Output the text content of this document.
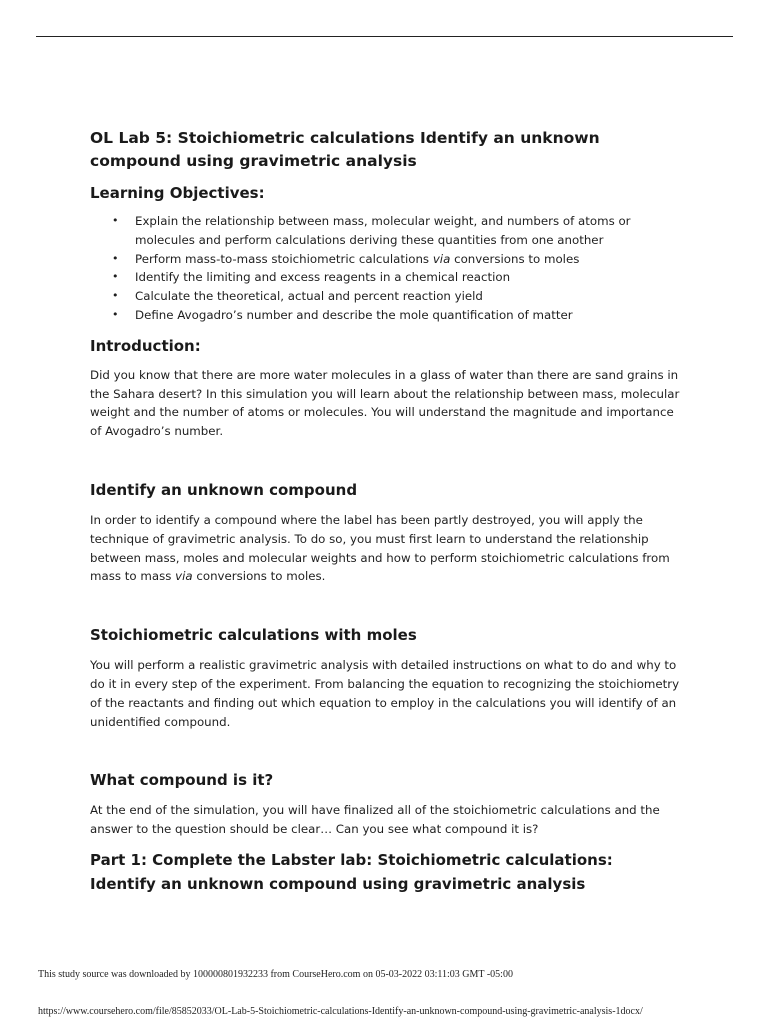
OL Lab 5: Stoichiometric calculations Identify an unknown compound using gravimetric analysis
Learning Objectives:
• Explain the relationship between mass, molecular weight, and numbers of atoms or molecules and perform calculations deriving these quantities from one another
• Perform mass-to-mass stoichiometric calculations via conversions to moles
• Identify the limiting and excess reagents in a chemical reaction
• Calculate the theoretical, actual and percent reaction yield
• Define Avogadro’s number and describe the mole quantification of matter
Introduction:

Did you know that there are more water molecules in a glass of water than there are sand grains in the Sahara desert? In this simulation you will learn about the relationship between mass, molecular weight and the number of atoms or molecules. You will understand the magnitude and importance of Avogadro’s number.

Identify an unknown compound

In order to identify a compound where the label has been partly destroyed, you will apply the technique of gravimetric analysis. To do so, you must first learn to understand the relationship between mass, moles and molecular weights and how to perform stoichiometric calculations from mass to mass via conversions to moles.

Stoichiometric calculations with moles

You will perform a realistic gravimetric analysis with detailed instructions on what to do and why to do it in every step of the experiment. From balancing the equation to recognizing the stoichiometry of the reactants and finding out which equation to employ in the calculations you will identify of an unidentified compound.

What compound is it?

At the end of the simulation, you will have finalized all of the stoichiometric calculations and the answer to the question should be clear… Can you see what compound it is?

Part 1: Complete the Labster lab: Stoichiometric calculations: Identify an unknown compound using gravimetric analysis
This study source was downloaded by 100000801932233 from CourseHero.com on 05-03-2022 03:11:03 GMT -05:00
https://www.coursehero.com/file/85852033/OL-Lab-5-Stoichiometric-calculations-Identify-an-unknown-compound-using-gravimetric-analysis-1docx/
